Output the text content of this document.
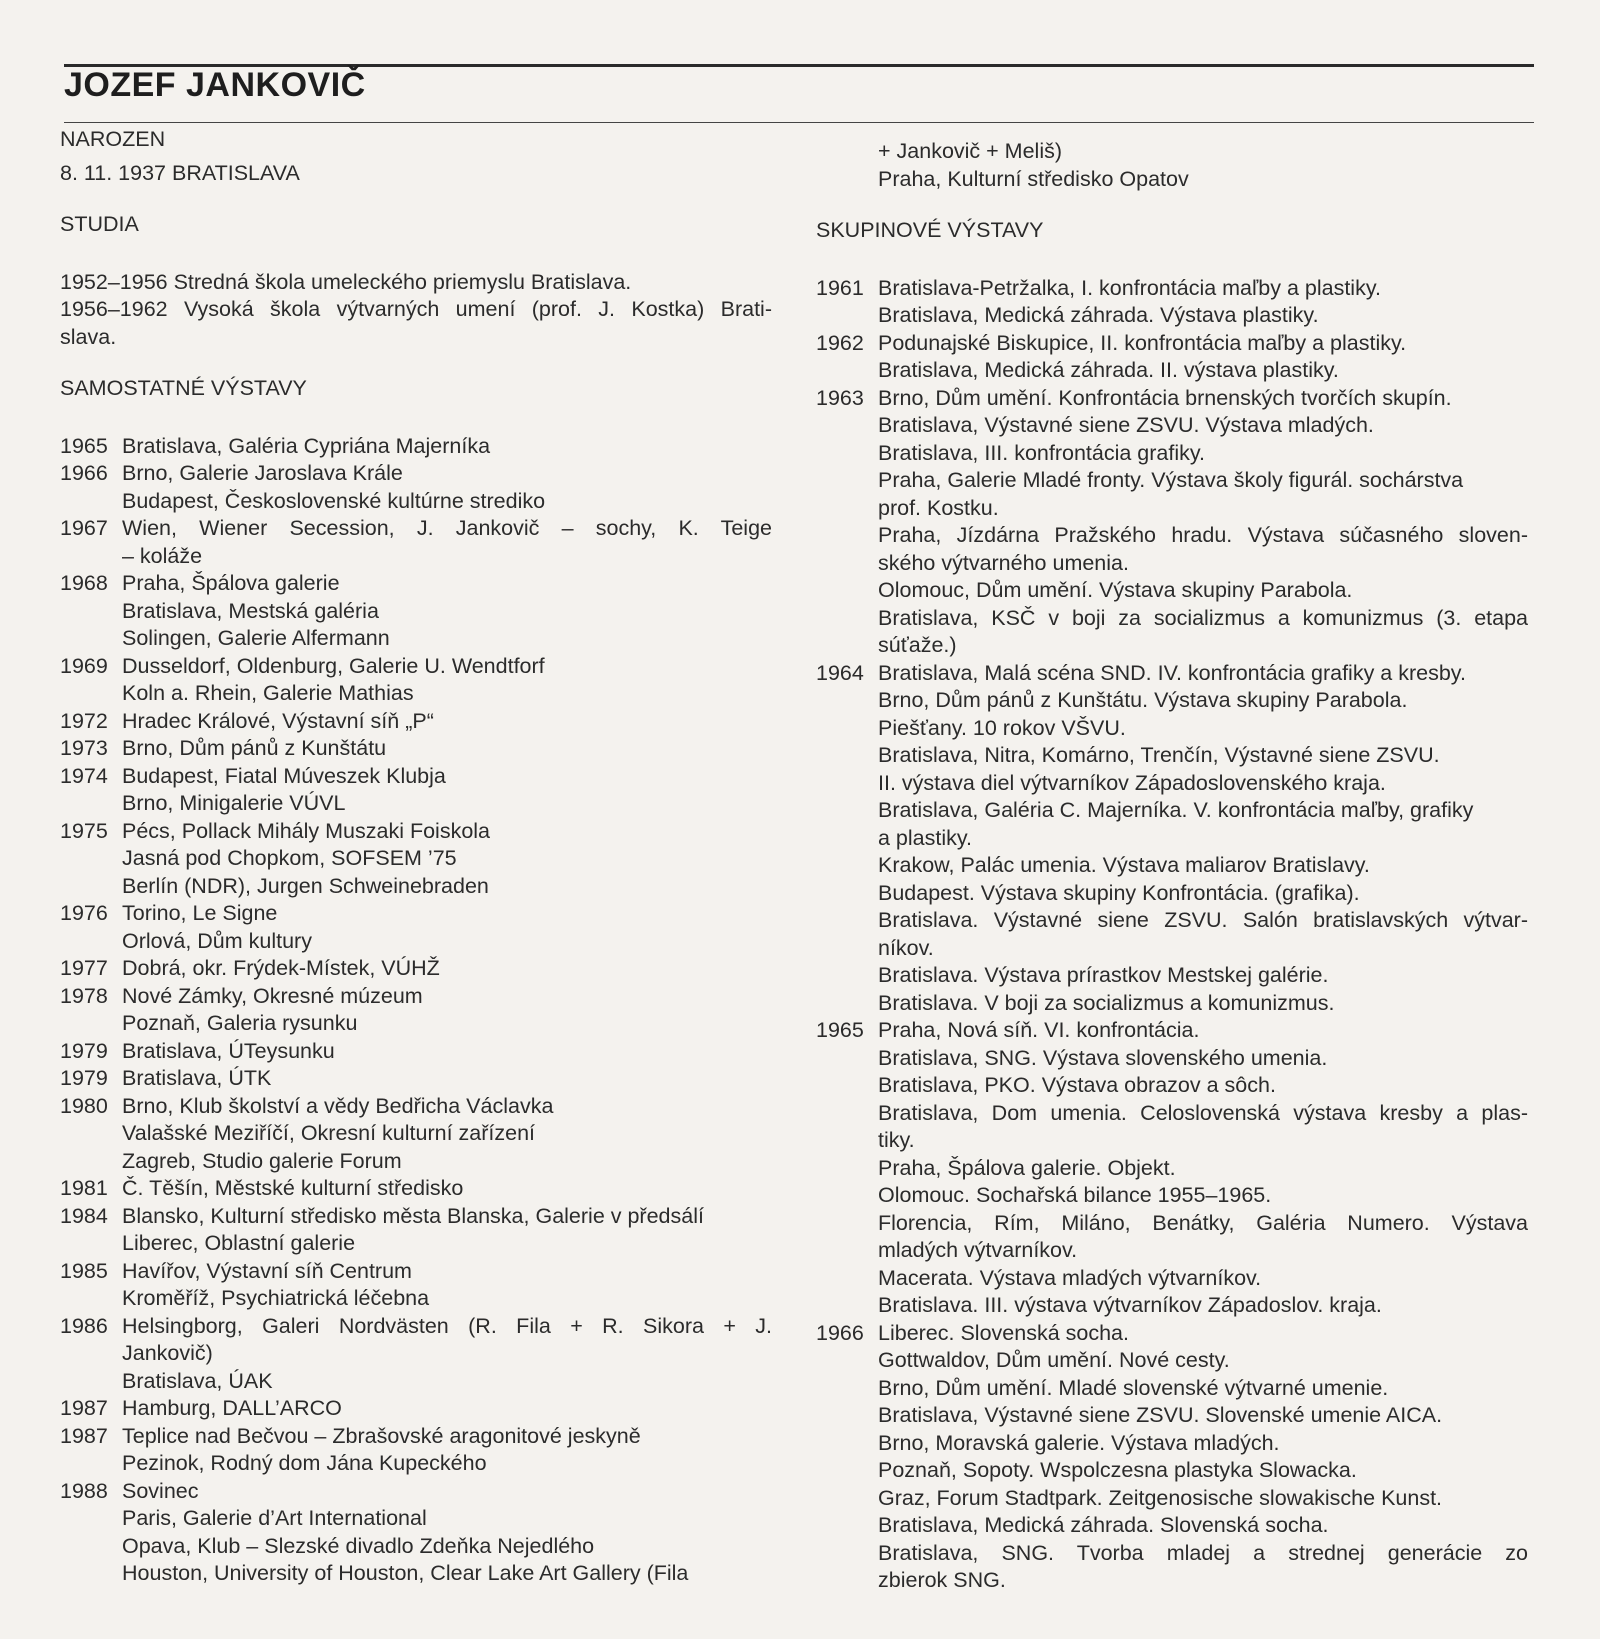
JOZEF JANKOVIČ

NAROZEN

8. 11. 1937 BRATISLAVA

STUDIA

1952–1956 Stredná škola umeleckého priemyslu Bratislava.

1956–1962 Vysoká škola výtvarných umení (prof. J. Kostka) Brati-

slava.

SAMOSTATNÉ VÝSTAVY

1965 Bratislava, Galéria Cypriána Majerníka

1966 Brno, Galerie Jaroslava Krále

Budapest, Československé kultúrne strediko

1967 Wien, Wiener Secession, J. Jankovič – sochy, K. Teige

– koláže

1968 Praha, Špálova galerie

Bratislava, Mestská galéria

Solingen, Galerie Alfermann

1969 Dusseldorf, Oldenburg, Galerie U. Wendtforf

Koln a. Rhein, Galerie Mathias

1972 Hradec Králové, Výstavní síň „P“

1973 Brno, Dům pánů z Kunštátu

1974 Budapest, Fiatal Múveszek Klubja

Brno, Minigalerie VÚVL

1975 Pécs, Pollack Mihály Muszaki Foiskola

Jasná pod Chopkom, SOFSEM ’75

Berlín (NDR), Jurgen Schweinebraden

1976 Torino, Le Signe

Orlová, Dům kultury

1977 Dobrá, okr. Frýdek-Místek, VÚHŽ

1978 Nové Zámky, Okresné múzeum

Poznaň, Galeria rysunku

1979 Bratislava, ÚTeysunku

1979 Bratislava, ÚTK

1980 Brno, Klub školství a vědy Bedřicha Václavka

Valašské Meziříčí, Okresní kulturní zařízení

Zagreb, Studio galerie Forum

1981 Č. Těšín, Městské kulturní středisko

1984 Blansko, Kulturní středisko města Blanska, Galerie v předsálí

Liberec, Oblastní galerie

1985 Havířov, Výstavní síň Centrum

Kroměříž, Psychiatrická léčebna

1986 Helsingborg, Galeri Nordvästen (R. Fila + R. Sikora + J.

Jankovič)

Bratislava, ÚAK

1987 Hamburg, DALL’ARCO

1987 Teplice nad Bečvou – Zbrašovské aragonitové jeskyně

Pezinok, Rodný dom Jána Kupeckého

1988 Sovinec

Paris, Galerie d’Art International

Opava, Klub – Slezské divadlo Zdeňka Nejedlého

Houston, University of Houston, Clear Lake Art Gallery (Fila

+ Jankovič + Meliš)

Praha, Kulturní středisko Opatov

SKUPINOVÉ VÝSTAVY

1961 Bratislava-Petržalka, I. konfrontácia maľby a plastiky.

Bratislava, Medická záhrada. Výstava plastiky.

1962 Podunajské Biskupice, II. konfrontácia maľby a plastiky.

Bratislava, Medická záhrada. II. výstava plastiky.

1963 Brno, Dům umění. Konfrontácia brnenských tvorčích skupín.

Bratislava, Výstavné siene ZSVU. Výstava mladých.

Bratislava, III. konfrontácia grafiky.

Praha, Galerie Mladé fronty. Výstava školy figurál. sochárstva

prof. Kostku.

Praha, Jízdárna Pražského hradu. Výstava súčasného sloven-

ského výtvarného umenia.

Olomouc, Dům umění. Výstava skupiny Parabola.

Bratislava, KSČ v boji za socializmus a komunizmus (3. etapa

súťaže.)

1964 Bratislava, Malá scéna SND. IV. konfrontácia grafiky a kresby.

Brno, Dům pánů z Kunštátu. Výstava skupiny Parabola.

Piešťany. 10 rokov VŠVU.

Bratislava, Nitra, Komárno, Trenčín, Výstavné siene ZSVU.

II. výstava diel výtvarníkov Západoslovenského kraja.

Bratislava, Galéria C. Majerníka. V. konfrontácia maľby, grafiky

a plastiky.

Krakow, Palác umenia. Výstava maliarov Bratislavy.

Budapest. Výstava skupiny Konfrontácia. (grafika).

Bratislava. Výstavné siene ZSVU. Salón bratislavských výtvar-

níkov.

Bratislava. Výstava prírastkov Mestskej galérie.

Bratislava. V boji za socializmus a komunizmus.

1965 Praha, Nová síň. VI. konfrontácia.

Bratislava, SNG. Výstava slovenského umenia.

Bratislava, PKO. Výstava obrazov a sôch.

Bratislava, Dom umenia. Celoslovenská výstava kresby a plas-

tiky.

Praha, Špálova galerie. Objekt.

Olomouc. Sochařská bilance 1955–1965.

Florencia, Rím, Miláno, Benátky, Galéria Numero. Výstava

mladých výtvarníkov.

Macerata. Výstava mladých výtvarníkov.

Bratislava. III. výstava výtvarníkov Západoslov. kraja.

1966 Liberec. Slovenská socha.

Gottwaldov, Dům umění. Nové cesty.

Brno, Dům umění. Mladé slovenské výtvarné umenie.

Bratislava, Výstavné siene ZSVU. Slovenské umenie AICA.

Brno, Moravská galerie. Výstava mladých.

Poznaň, Sopoty. Wspolczesna plastyka Slowacka.

Graz, Forum Stadtpark. Zeitgenosische slowakische Kunst.

Bratislava, Medická záhrada. Slovenská socha.

Bratislava, SNG. Tvorba mladej a strednej generácie zo

zbierok SNG.
